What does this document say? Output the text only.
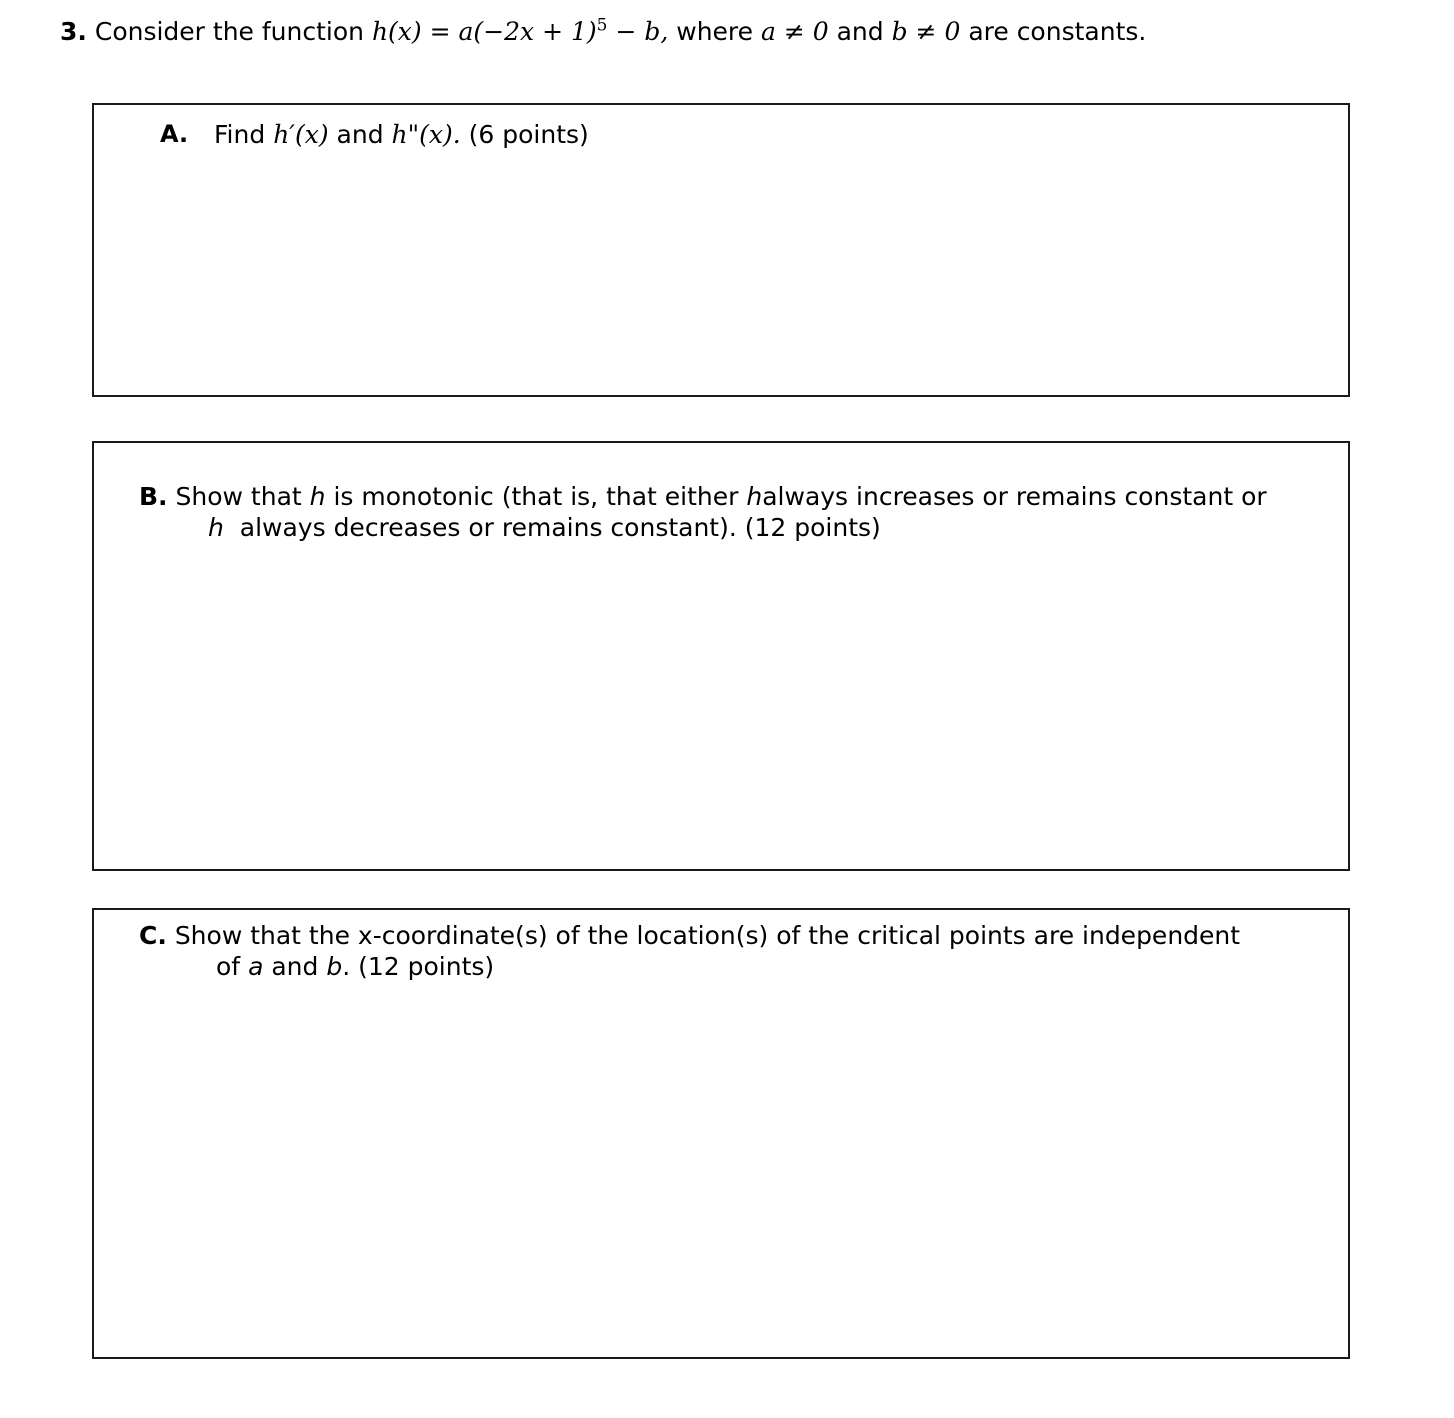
3. Consider the function $h(x) = a(-2x + 1)^5 - b$, where a ≠ 0 and b ≠ 0 are constants.
A. Find h′(x) and h"(x). (6 points)
B. Show that h is monotonic (that is, that either halways increases or remains constant or
h always decreases or remains constant). (12 points)
C. Show that the x-coordinate(s) of the location(s) of the critical points are independent
of a and b. (12 points)
